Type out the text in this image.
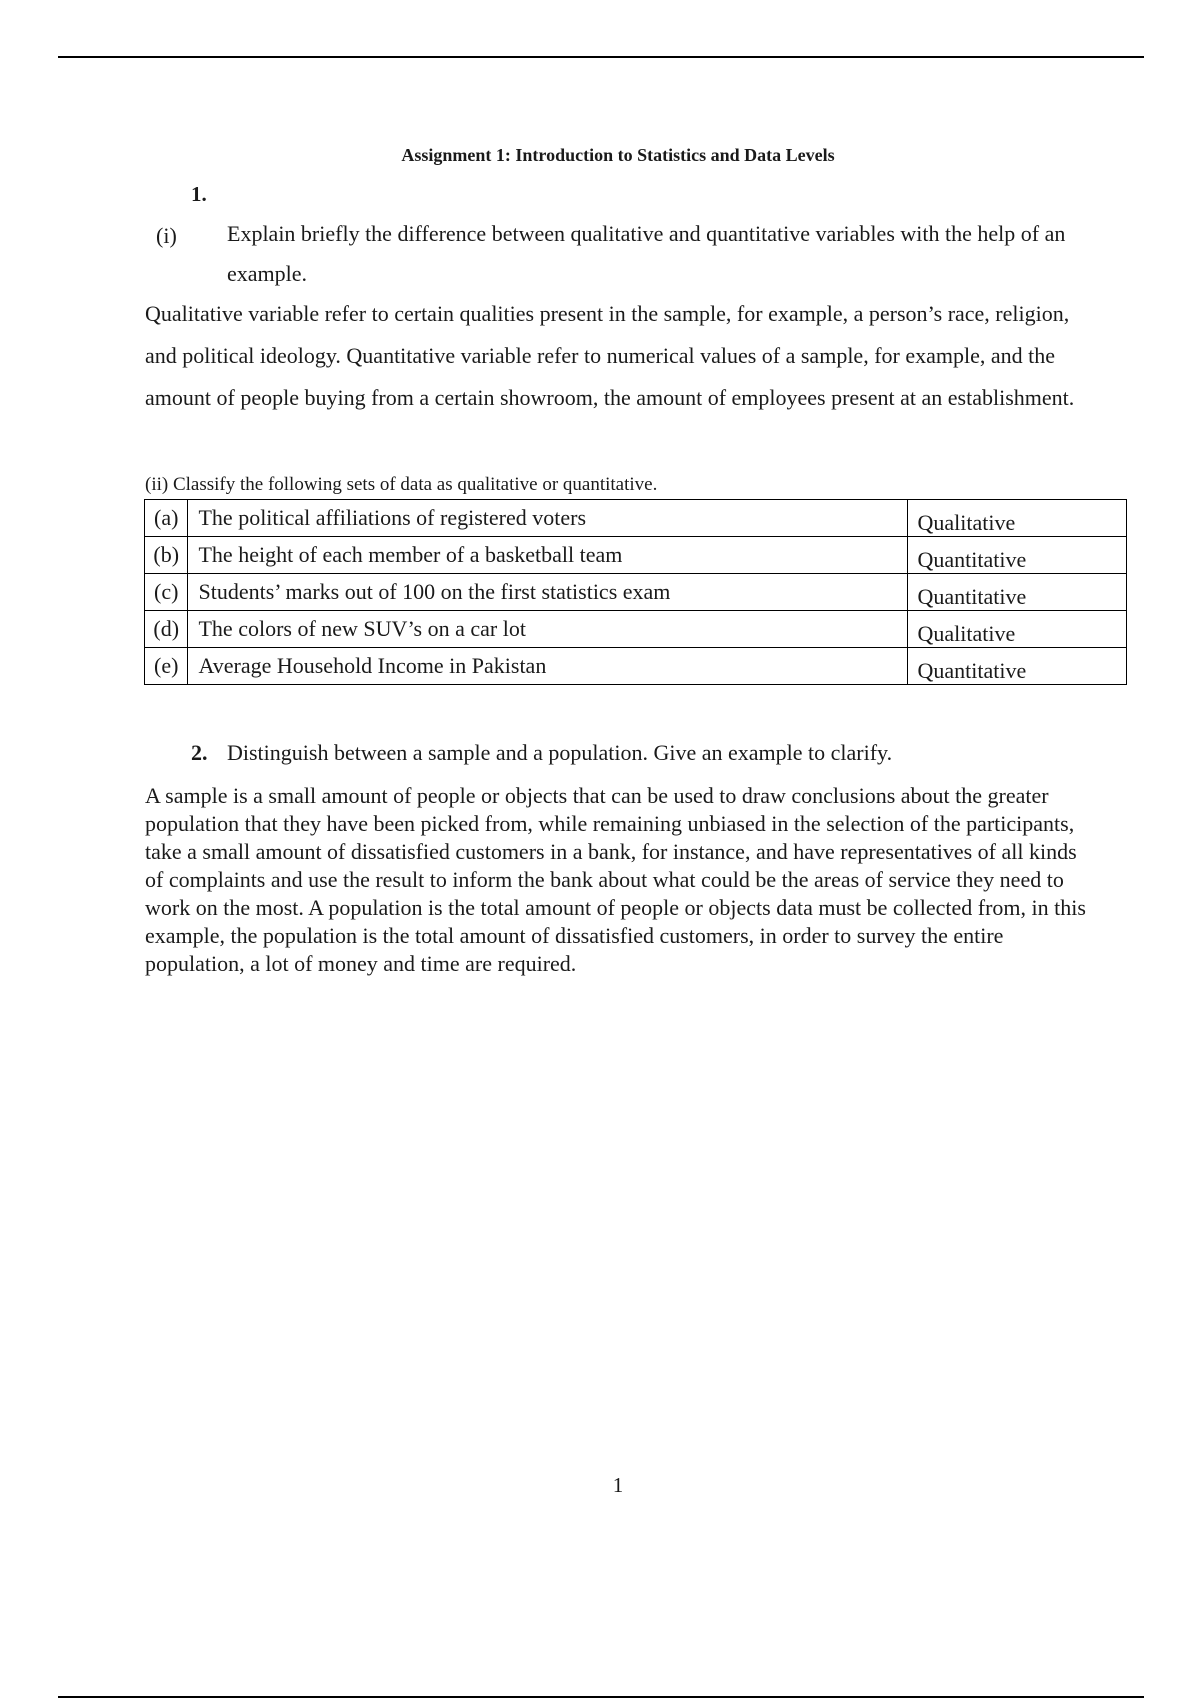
Assignment 1: Introduction to Statistics and Data Levels
1.
(i) Explain briefly the difference between qualitative and quantitative variables with the help of an example.
Qualitative variable refer to certain qualities present in the sample, for example, a person’s race, religion, and political ideology. Quantitative variable refer to numerical values of a sample, for example, and the amount of people buying from a certain showroom, the amount of employees present at an establishment.
(ii) Classify the following sets of data as qualitative or quantitative.
(a)	The political affiliations of registered voters	Qualitative
(b)	The height of each member of a basketball team	Quantitative
(c)	Students’ marks out of 100 on the first statistics exam	Quantitative
(d)	The colors of new SUV’s on a car lot	Qualitative
(e)	Average Household Income in Pakistan	Quantitative
2. Distinguish between a sample and a population. Give an example to clarify.
A sample is a small amount of people or objects that can be used to draw conclusions about the greater population that they have been picked from, while remaining unbiased in the selection of the participants, take a small amount of dissatisfied customers in a bank, for instance, and have representatives of all kinds of complaints and use the result to inform the bank about what could be the areas of service they need to work on the most. A population is the total amount of people or objects data must be collected from, in this example, the population is the total amount of dissatisfied customers, in order to survey the entire population, a lot of money and time are required.
1
